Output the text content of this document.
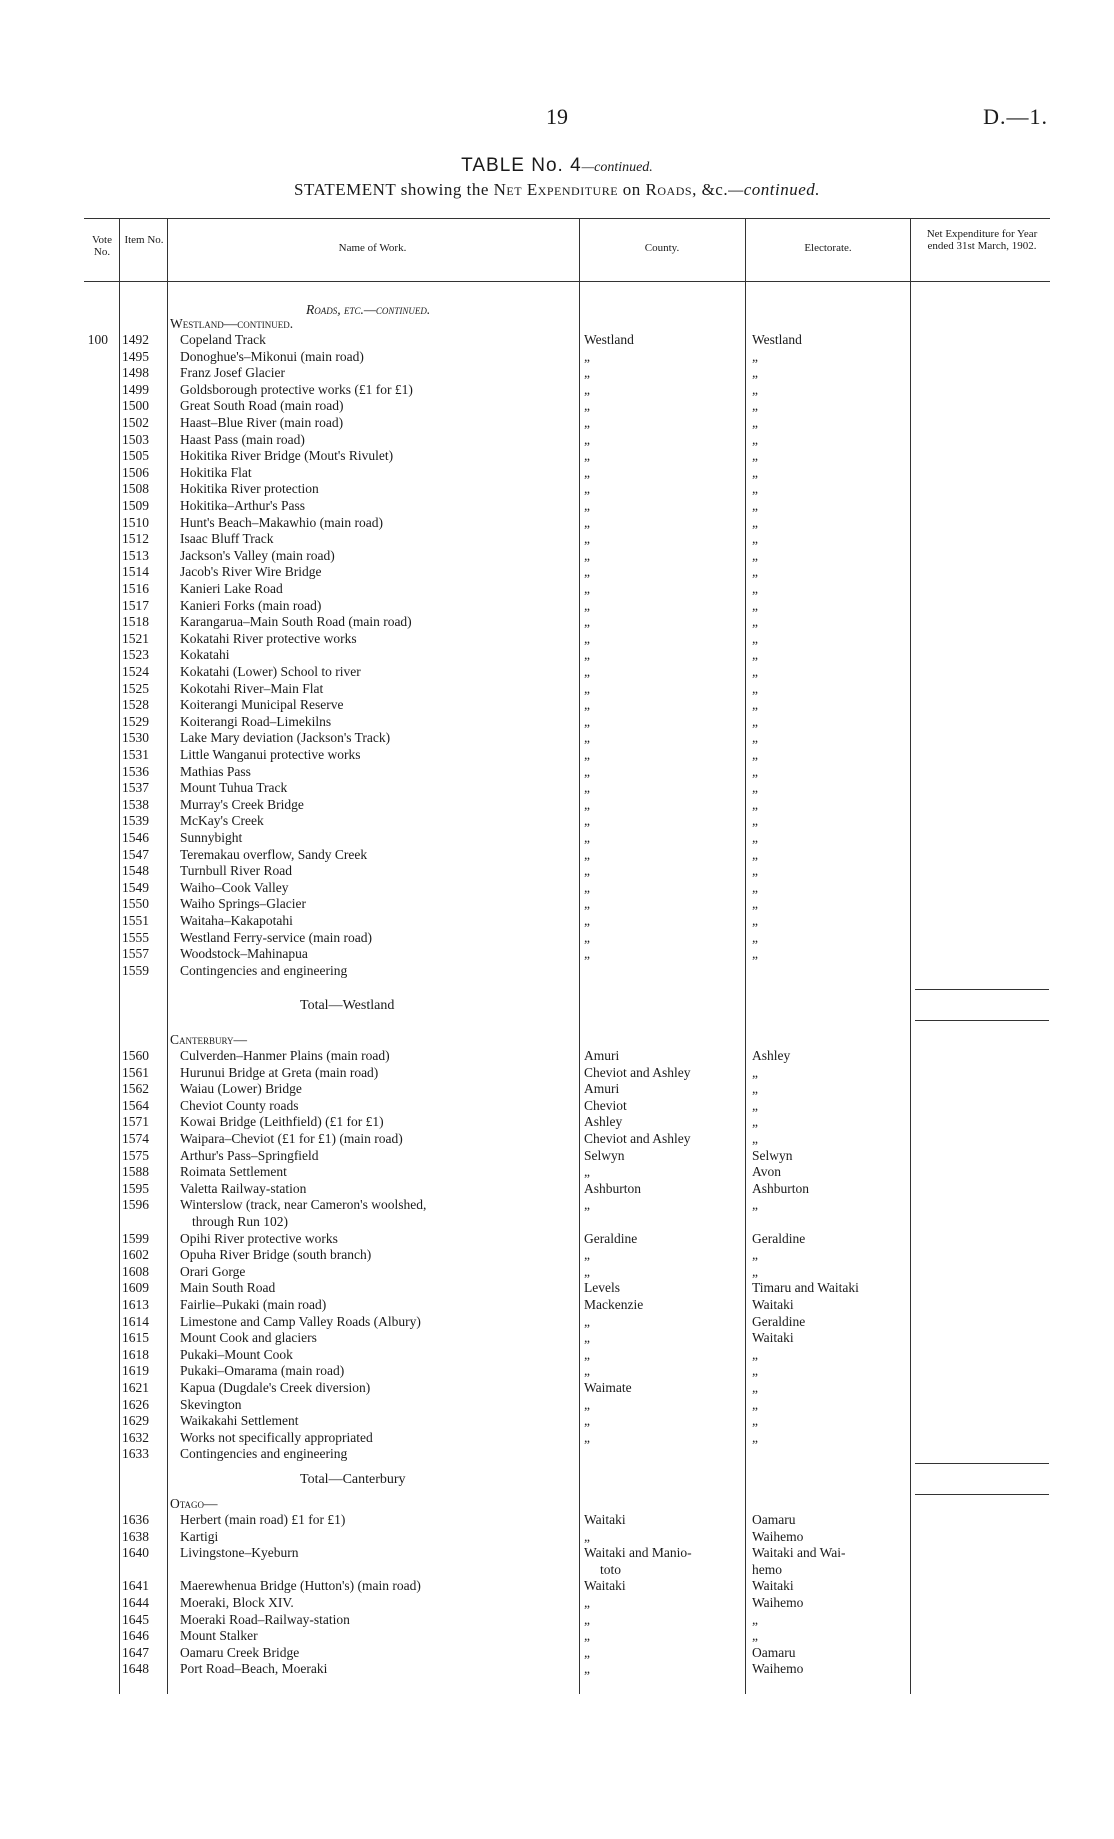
19	D.—1.
TABLE No. 4—continued.
STATEMENT showing the Net Expenditure on Roads, &c.—continued.
Vote No.
Item No.
Name of Work.	County.	Electorate.
Net Expenditure for Year ended 31st March, 1902.
Roads, etc.—continued.
Westland—continued.
100 1492	Copeland Track	Westland	Westland
1495	Donoghue's–Mikonui (main road)	„	„
1498	Franz Josef Glacier	„	„
1499	Goldsborough protective works (£1 for £1)	„	„
1500	Great South Road (main road)	„	„
1502	Haast–Blue River (main road)	„	„
1503	Haast Pass (main road)	„	„
1505	Hokitika River Bridge (Mout's Rivulet)	„	„
1506	Hokitika Flat	„	„
1508	Hokitika River protection	„	„
1509	Hokitika–Arthur's Pass	„	„
1510	Hunt's Beach–Makawhio (main road)	„	„
1512	Isaac Bluff Track	„	„
1513	Jackson's Valley (main road)	„	„
1514	Jacob's River Wire Bridge	„	„
1516	Kanieri Lake Road	„	„
1517	Kanieri Forks (main road)	„	„
1518	Karangarua–Main South Road (main road)	„	„
1521	Kokatahi River protective works	„	„
1523	Kokatahi	„	„
1524	Kokatahi (Lower) School to river	„	„
1525	Kokotahi River–Main Flat	„	„
1528	Koiterangi Municipal Reserve	„	„
1529	Koiterangi Road–Limekilns	„	„
1530	Lake Mary deviation (Jackson's Track)	„	„
1531	Little Wanganui protective works	„	„
1536	Mathias Pass	„	„
1537	Mount Tuhua Track	„	„
1538	Murray's Creek Bridge	„	„
1539	McKay's Creek	„	„
1546	Sunnybight	„	„
1547	Teremakau overflow, Sandy Creek	„	„
1548	Turnbull River Road	„	„
1549	Waiho–Cook Valley	„	„
1550	Waiho Springs–Glacier	„	„
1551	Waitaha–Kakapotahi	„	„
1555	Westland Ferry-service (main road)	„	„
1557	Woodstock–Mahinapua	„	„
1559	Contingencies and engineering
Total—Westland
Canterbury—
1560	Culverden–Hanmer Plains (main road)	Amuri	Ashley
1561	Hurunui Bridge at Greta (main road)	Cheviot and Ashley	„
1562	Waiau (Lower) Bridge	Amuri	„
1564	Cheviot County roads	Cheviot	„
1571	Kowai Bridge (Leithfield) (£1 for £1)	Ashley	„
1574	Waipara–Cheviot (£1 for £1) (main road)	Cheviot and Ashley	„
1575	Arthur's Pass–Springfield	Selwyn	Selwyn
1588	Roimata Settlement	„	Avon
1595	Valetta Railway-station	Ashburton	Ashburton
1596	Winterslow (track, near Cameron's woolshed,	„	„
through Run 102)
1599	Opihi River protective works	Geraldine	Geraldine
1602	Opuha River Bridge (south branch)	„	„
1608	Orari Gorge	„	„
1609	Main South Road	Levels	Timaru and Waitaki
1613	Fairlie–Pukaki (main road)	Mackenzie	Waitaki
1614	Limestone and Camp Valley Roads (Albury)	„	Geraldine
1615	Mount Cook and glaciers	„	Waitaki
1618	Pukaki–Mount Cook	„	„
1619	Pukaki–Omarama (main road)	„	„
1621	Kapua (Dugdale's Creek diversion)	Waimate	„
1626	Skevington	„	„
1629	Waikakahi Settlement	„	„
1632	Works not specifically appropriated	„	„
1633	Contingencies and engineering
Total—Canterbury
Otago—
1636	Herbert (main road) £1 for £1)	Waitaki	Oamaru
1638	Kartigi	„	Waihemo
1640	Livingstone–Kyeburn	Waitaki and Manio-	Waitaki and Wai-
toto	hemo
1641	Maerewhenua Bridge (Hutton's) (main road)	Waitaki	Waitaki
1644	Moeraki, Block XIV.	„	Waihemo
1645	Moeraki Road–Railway-station	„	„
1646	Mount Stalker	„	„
1647	Oamaru Creek Bridge	„	Oamaru
1648	Port Road–Beach, Moeraki	„	Waihemo
